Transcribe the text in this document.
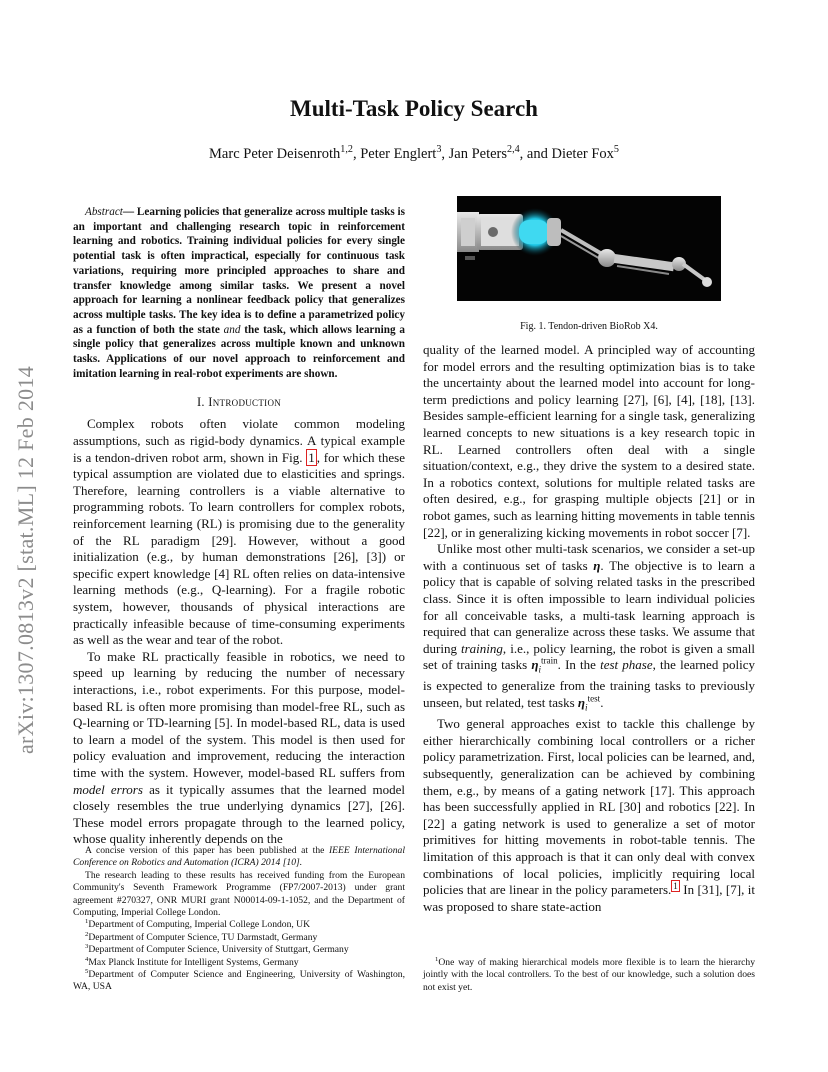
arXiv:1307.0813v2 [stat.ML] 12 Feb 2014
Multi-Task Policy Search
Marc Peter Deisenroth$^{1,2}$, Peter Englert$^3$, Jan Peters$^{2,4}$, and Dieter Fox$^5$

Abstract— Learning policies that generalize across multiple tasks is an important and challenging research topic in reinforcement learning and robotics. Training individual policies for every single potential task is often impractical, especially for continuous task variations, requiring more principled approaches to share and transfer knowledge among similar tasks. We present a novel approach for learning a nonlinear feedback policy that generalizes across multiple tasks. The key idea is to define a parametrized policy as a function of both the state and the task, which allows learning a single policy that generalizes across multiple known and unknown tasks. Applications of our novel approach to reinforcement and imitation learning in real-robot experiments are shown.

I. Introduction

Complex robots often violate common modeling assumptions, such as rigid-body dynamics. A typical example is a tendon-driven robot arm, shown in Fig. 1 , for which these typical assumption are violated due to elasticities and springs. Therefore, learning controllers is a viable alternative to programming robots. To learn controllers for complex robots, reinforcement learning (RL) is promising due to the generality of the RL paradigm [29]. However, without a good initialization (e.g., by human demonstrations [26], [3]) or specific expert knowledge [4] RL often relies on data-intensive learning methods (e.g., Q-learning). For a fragile robotic system, however, thousands of physical interactions are practically infeasible because of time-consuming experiments as well as the wear and tear of the robot.

To make RL practically feasible in robotics, we need to speed up learning by reducing the number of necessary interactions, i.e., robot experiments. For this purpose, model-based RL is often more promising than model-free RL, such as Q-learning or TD-learning [5]. In model-based RL, data is used to learn a model of the system. This model is then used for policy evaluation and improvement, reducing the interaction time with the system. However, model-based RL suffers from model errors as it typically assumes that the learned model closely resembles the true underlying dynamics [27], [26]. These model errors propagate through to the learned policy, whose quality inherently depends on the

A concise version of this paper has been published at the IEEE International Conference on Robotics and Automation (ICRA) 2014 [10].

The research leading to these results has received funding from the European Community's Seventh Framework Programme (FP7/2007-2013) under grant agreement #270327, ONR MURI grant N00014-09-1-1052, and the Department of Computing, Imperial College London.

$^1$Department of Computing, Imperial College London, UK

$^2$Department of Computer Science, TU Darmstadt, Germany

$^3$Department of Computer Science, University of Stuttgart, Germany

$^4$Max Planck Institute for Intelligent Systems, Germany

$^5$Department of Computer Science and Engineering, University of Washington, WA, USA

Fig. 1. Tendon-driven BioRob X4.

quality of the learned model. A principled way of accounting for model errors and the resulting optimization bias is to take the uncertainty about the learned model into account for long-term predictions and policy learning [27], [6], [4], [18], [13]. Besides sample-efficient learning for a single task, generalizing learned concepts to new situations is a key research topic in RL. Learned controllers often deal with a single situation/context, e.g., they drive the system to a desired state. In a robotics context, solutions for multiple related tasks are often desired, e.g., for grasping multiple objects [21] or in robot games, such as learning hitting movements in table tennis [22], or in generalizing kicking movements in robot soccer [7].

Unlike most other multi-task scenarios, we consider a set-up with a continuous set of tasks η. The objective is to learn a policy that is capable of solving related tasks in the prescribed class. Since it is often impossible to learn individual policies for all conceivable tasks, a multi-task learning approach is required that can generalize across these tasks. We assume that during training, i.e., policy learning, the robot is given a small set of training tasks $\eta_i^{train}$. In the test phase, the learned policy is expected to generalize from the training tasks to previously unseen, but related, test tasks $\eta_i^{test}$.

Two general approaches exist to tackle this challenge by either hierarchically combining local controllers or a richer policy parametrization. First, local policies can be learned, and, subsequently, generalization can be achieved by combining them, e.g., by means of a gating network [17]. This approach has been successfully applied in RL [30] and robotics [22]. In [22] a gating network is used to generalize a set of motor primitives for hitting movements in robot-table tennis. The limitation of this approach is that it can only deal with convex combinations of local policies, implicitly requiring local policies that are linear in the policy parameters. $^1$ In [31], [7], it was proposed to share state-action

$^1$One way of making hierarchical models more flexible is to learn the hierarchy jointly with the local controllers. To the best of our knowledge, such a solution does not exist yet.
